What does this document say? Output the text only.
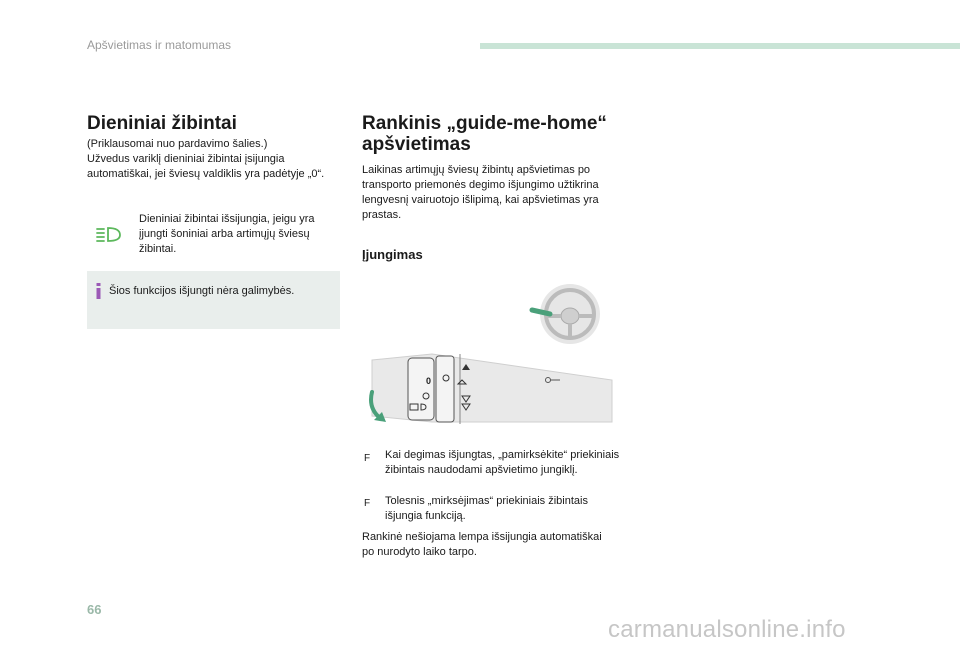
Apšvietimas ir matomumas
Dieniniai žibintai
(Priklausomai nuo pardavimo šalies.)
Užvedus variklį dieniniai žibintai įsijungia automatiškai, jei šviesų valdiklis yra padėtyje „0“.
Dieniniai žibintai išsijungia, jeigu yra įjungti šoniniai arba artimųjų šviesų žibintai.
Šios funkcijos išjungti nėra galimybės.
Rankinis „guide-me-home“ apšvietimas
Laikinas artimųjų šviesų žibintų apšvietimas po transporto priemonės degimo išjungimo užtikrina lengvesnį vairuotojo išlipimą, kai apšvietimas yra prastas.
Įjungimas
0
F Kai degimas išjungtas, „pamirksėkite“ priekiniais žibintais naudodami apšvietimo jungiklį.
F Tolesnis „mirksėjimas“ priekiniais žibintais išjungia funkciją.
Rankinė nešiojama lempa išsijungia automatiškai po nurodyto laiko tarpo.
66
carmanualsonline.info
